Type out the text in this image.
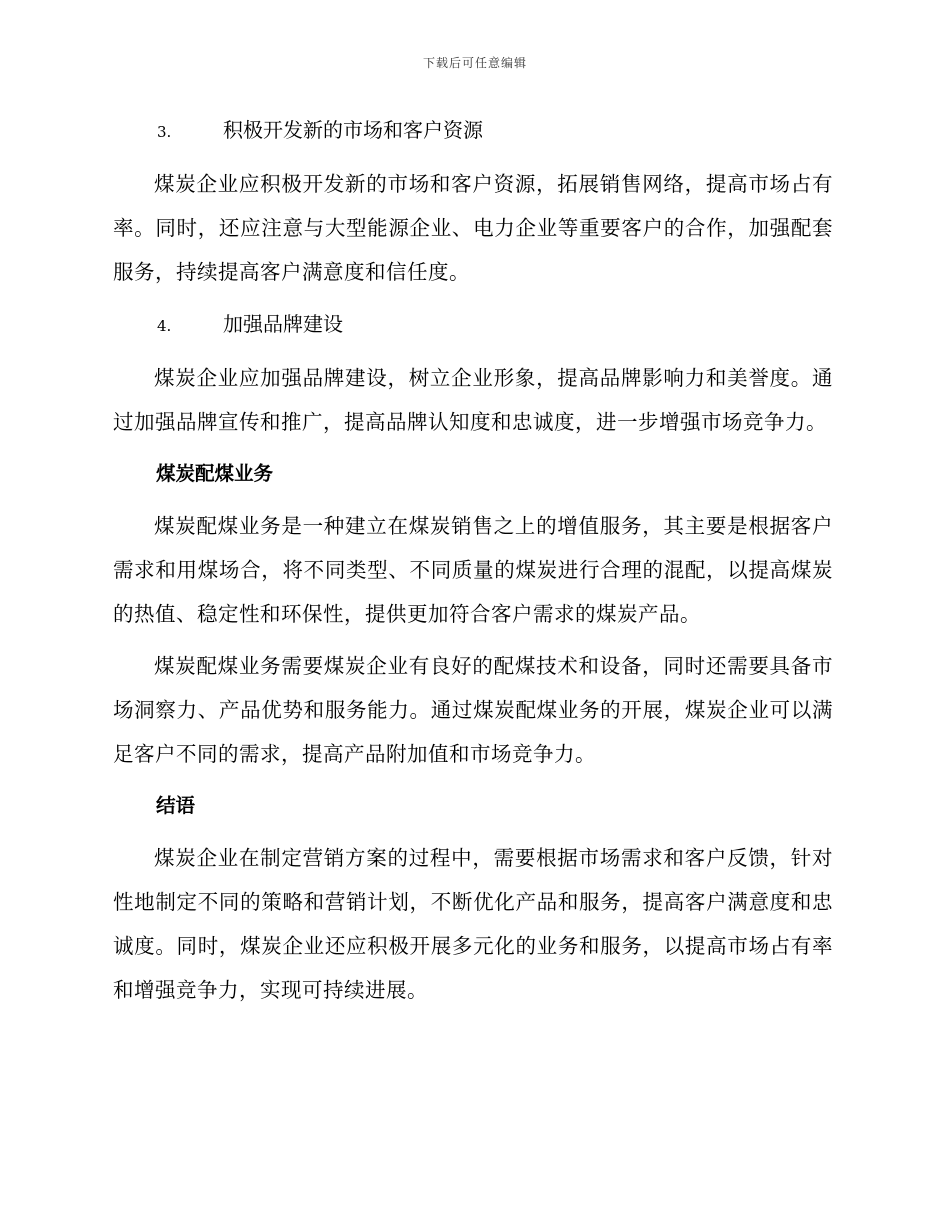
下载后可任意编辑
3.	积极开发新的市场和客户资源

煤炭企业应积极开发新的市场和客户资源，拓展销售网络，提高市场占有率。同时，还应注意与大型能源企业、电力企业等重要客户的合作，加强配套服务，持续提高客户满意度和信任度。

4.	加强品牌建设

煤炭企业应加强品牌建设，树立企业形象，提高品牌影响力和美誉度。通过加强品牌宣传和推广，提高品牌认知度和忠诚度，进一步增强市场竞争力。

煤炭配煤业务

煤炭配煤业务是一种建立在煤炭销售之上的增值服务，其主要是根据客户需求和用煤场合，将不同类型、不同质量的煤炭进行合理的混配，以提高煤炭的热值、稳定性和环保性，提供更加符合客户需求的煤炭产品。

煤炭配煤业务需要煤炭企业有良好的配煤技术和设备，同时还需要具备市场洞察力、产品优势和服务能力。通过煤炭配煤业务的开展，煤炭企业可以满足客户不同的需求，提高产品附加值和市场竞争力。

结语

煤炭企业在制定营销方案的过程中，需要根据市场需求和客户反馈，针对性地制定不同的策略和营销计划，不断优化产品和服务，提高客户满意度和忠诚度。同时，煤炭企业还应积极开展多元化的业务和服务，以提高市场占有率和增强竞争力，实现可持续进展。
